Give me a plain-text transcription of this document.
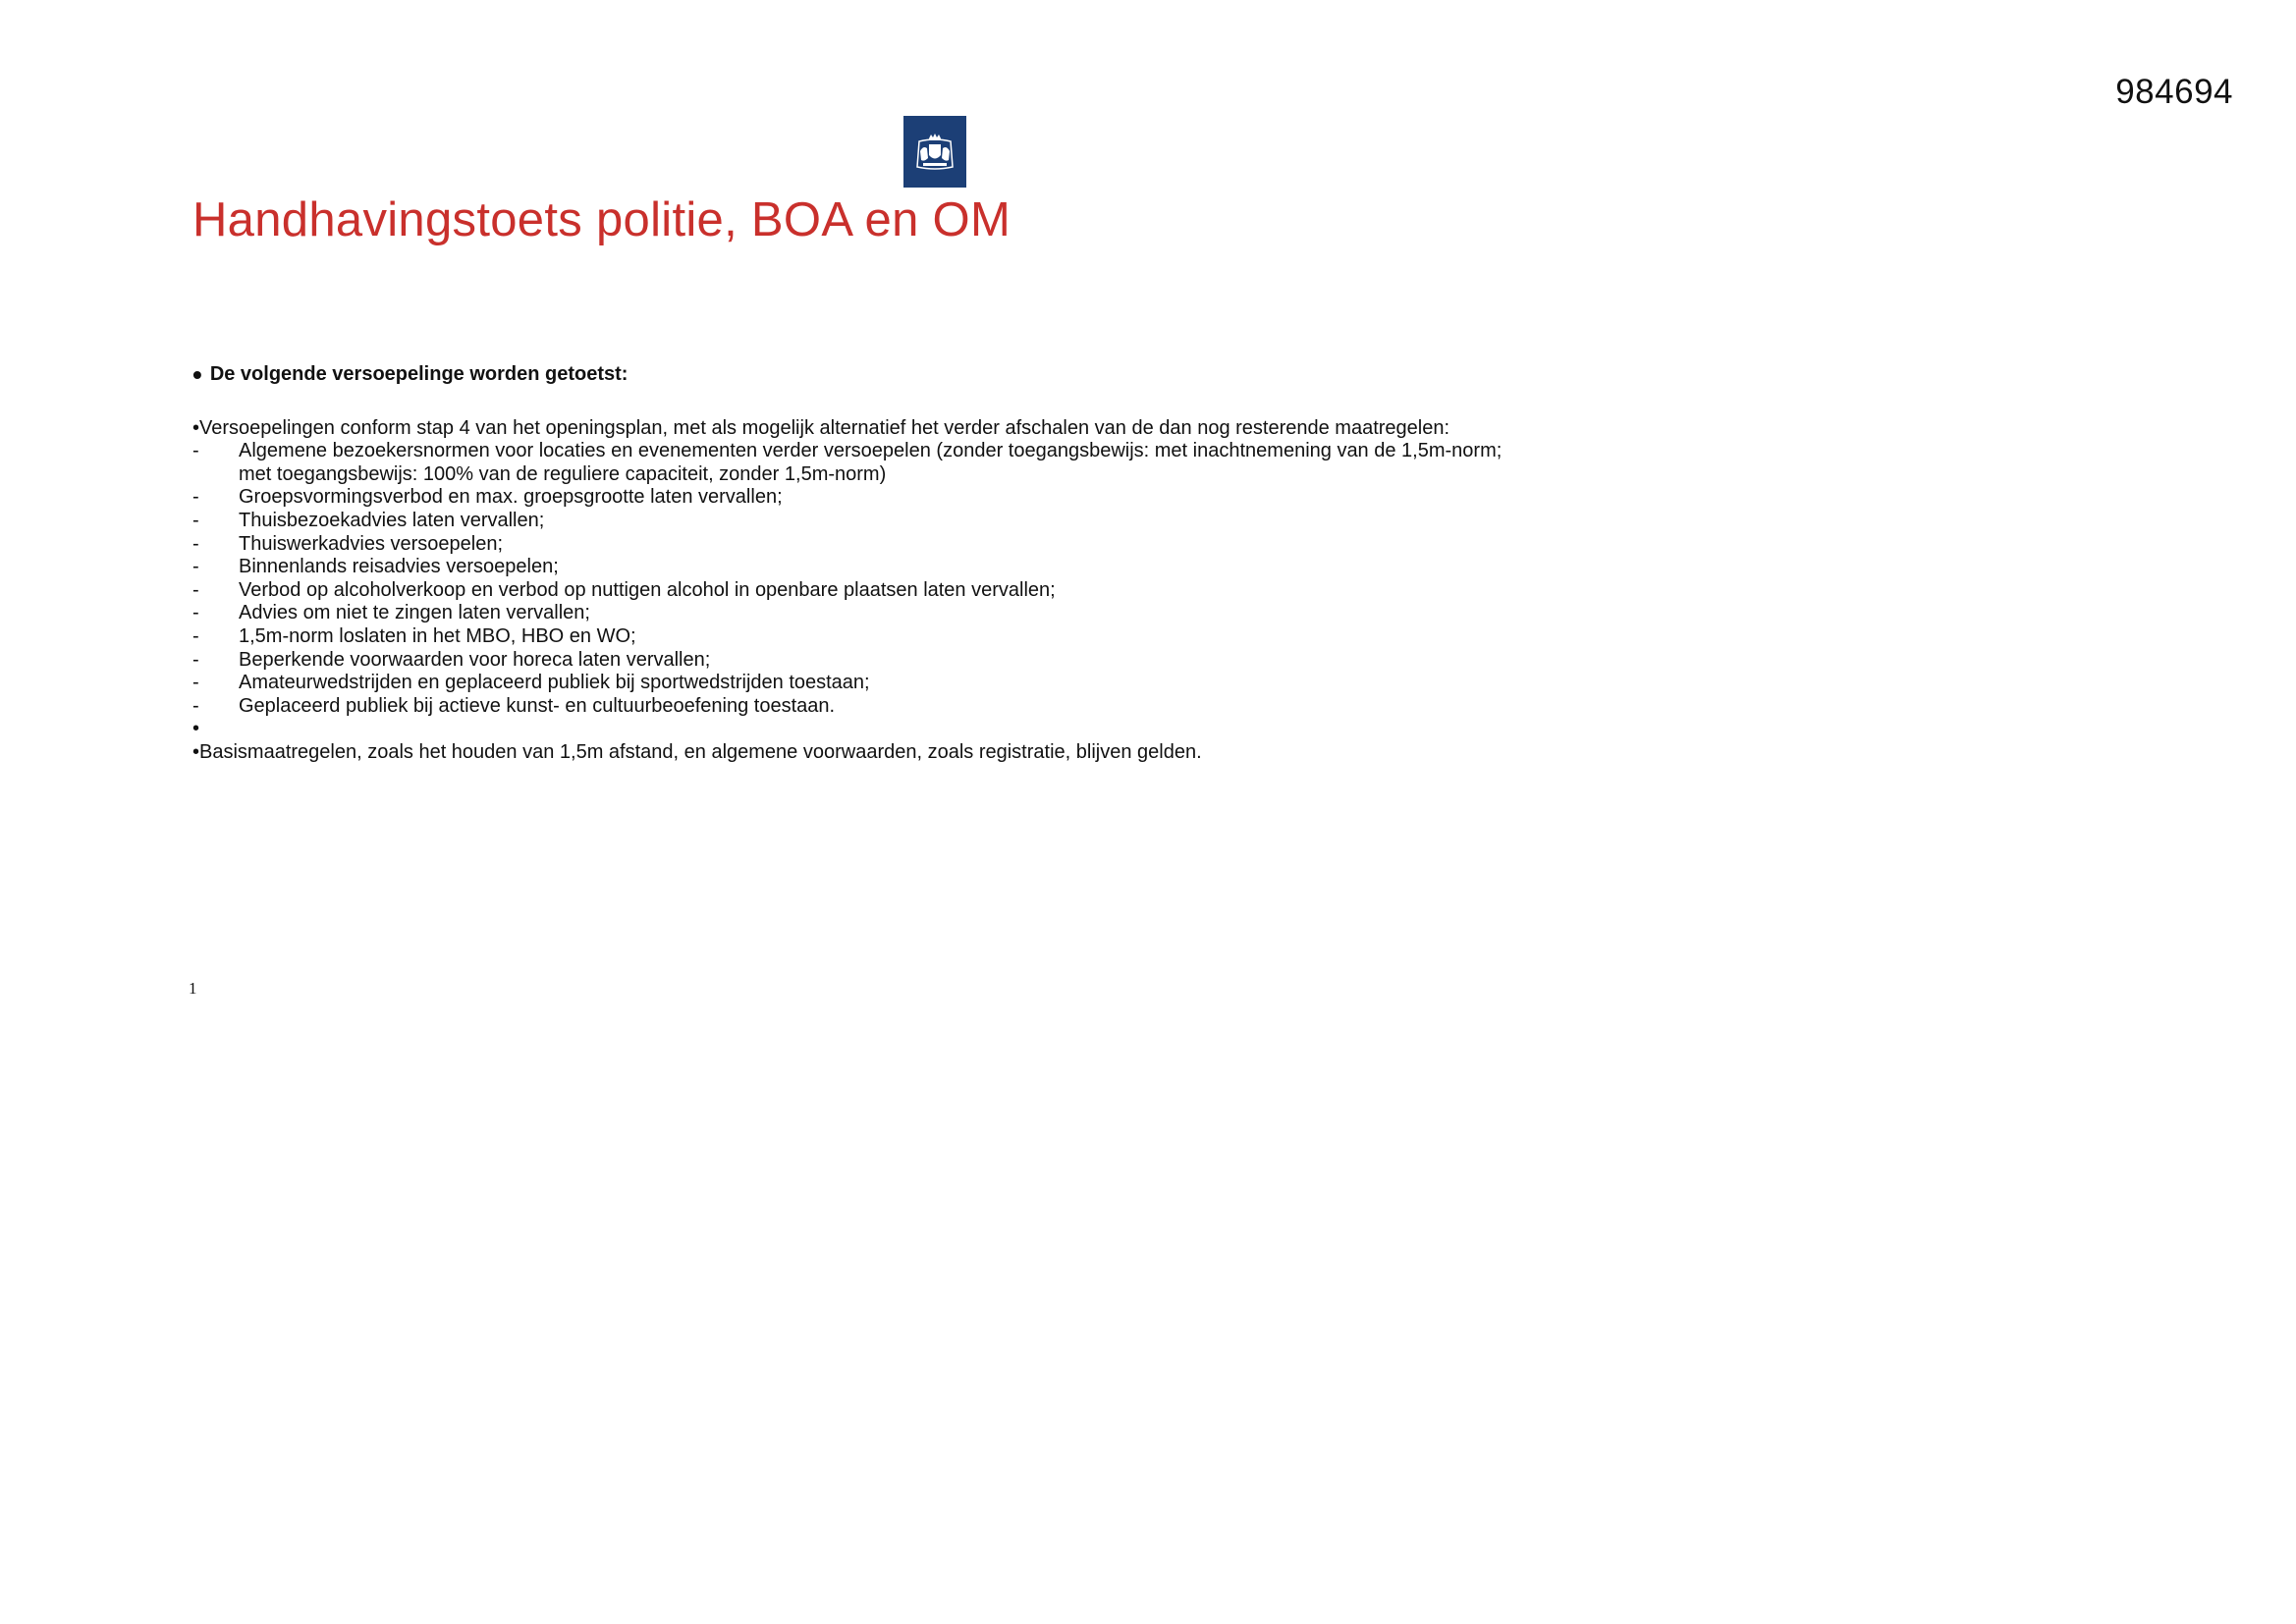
984694
Handhavingstoets politie, BOA en OM
• De volgende versoepelinge worden getoetst:
•Versoepelingen conform stap 4 van het openingsplan, met als mogelijk alternatief het verder afschalen van de dan nog resterende maatregelen:
-	Algemene bezoekersnormen voor locaties en evenementen verder versoepelen (zonder toegangsbewijs: met inachtnemening van de 1,5m-norm;
met toegangsbewijs: 100% van de reguliere capaciteit, zonder 1,5m-norm)
-	Groepsvormingsverbod en max. groepsgrootte laten vervallen;
-	Thuisbezoekadvies laten vervallen;
-	Thuiswerkadvies versoepelen;
-	Binnenlands reisadvies versoepelen;
-	Verbod op alcoholverkoop en verbod op nuttigen alcohol in openbare plaatsen laten vervallen;
-	Advies om niet te zingen laten vervallen;
-	1,5m-norm loslaten in het MBO, HBO en WO;
-	Beperkende voorwaarden voor horeca laten vervallen;
-	Amateurwedstrijden en geplaceerd publiek bij sportwedstrijden toestaan;
-	Geplaceerd publiek bij actieve kunst- en cultuurbeoefening toestaan.
•
•Basismaatregelen, zoals het houden van 1,5m afstand, en algemene voorwaarden, zoals registratie, blijven gelden.
1
